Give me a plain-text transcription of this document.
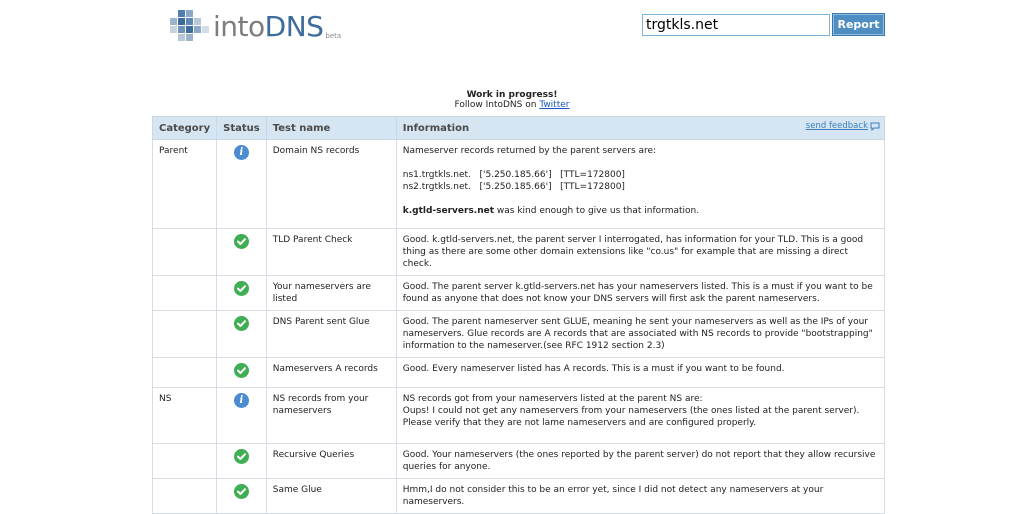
intoDNS beta
trgtkls.net
Report
Work in progress!
Follow IntoDNS on Twitter
Category	Status	Test name	Information send feedback

Parent	i	Domain NS records	Nameserver records returned by the parent servers are:
ns1.trgtkls.net.   ['5.250.185.66']   [TTL=172800]
ns2.trgtkls.net.   ['5.250.185.66']   [TTL=172800]
k.gtld-servers.net was kind enough to give us that information.

		TLD Parent Check	Good. k.gtld-servers.net, the parent server I interrogated, has information for your TLD. This is a good thing as there are some other domain extensions like "co.us" for example that are missing a direct check.

		Your nameservers are listed	Good. The parent server k.gtld-servers.net has your nameservers listed. This is a must if you want to be found as anyone that does not know your DNS servers will first ask the parent nameservers.

		DNS Parent sent Glue	Good. The parent nameserver sent GLUE, meaning he sent your nameservers as well as the IPs of your nameservers. Glue records are A records that are associated with NS records to provide "bootstrapping" information to the nameserver.(see RFC 1912 section 2.3)

		Nameservers A records	Good. Every nameserver listed has A records. This is a must if you want to be found.

NS	i	NS records from your nameservers	NS records got from your nameservers listed at the parent NS are:
Oups! I could not get any nameservers from your nameservers (the ones listed at the parent server). Please verify that they are not lame nameservers and are configured properly.

		Recursive Queries	Good. Your nameservers (the ones reported by the parent server) do not report that they allow recursive queries for anyone.

		Same Glue	Hmm,I do not consider this to be an error yet, since I did not detect any nameservers at your nameservers.
